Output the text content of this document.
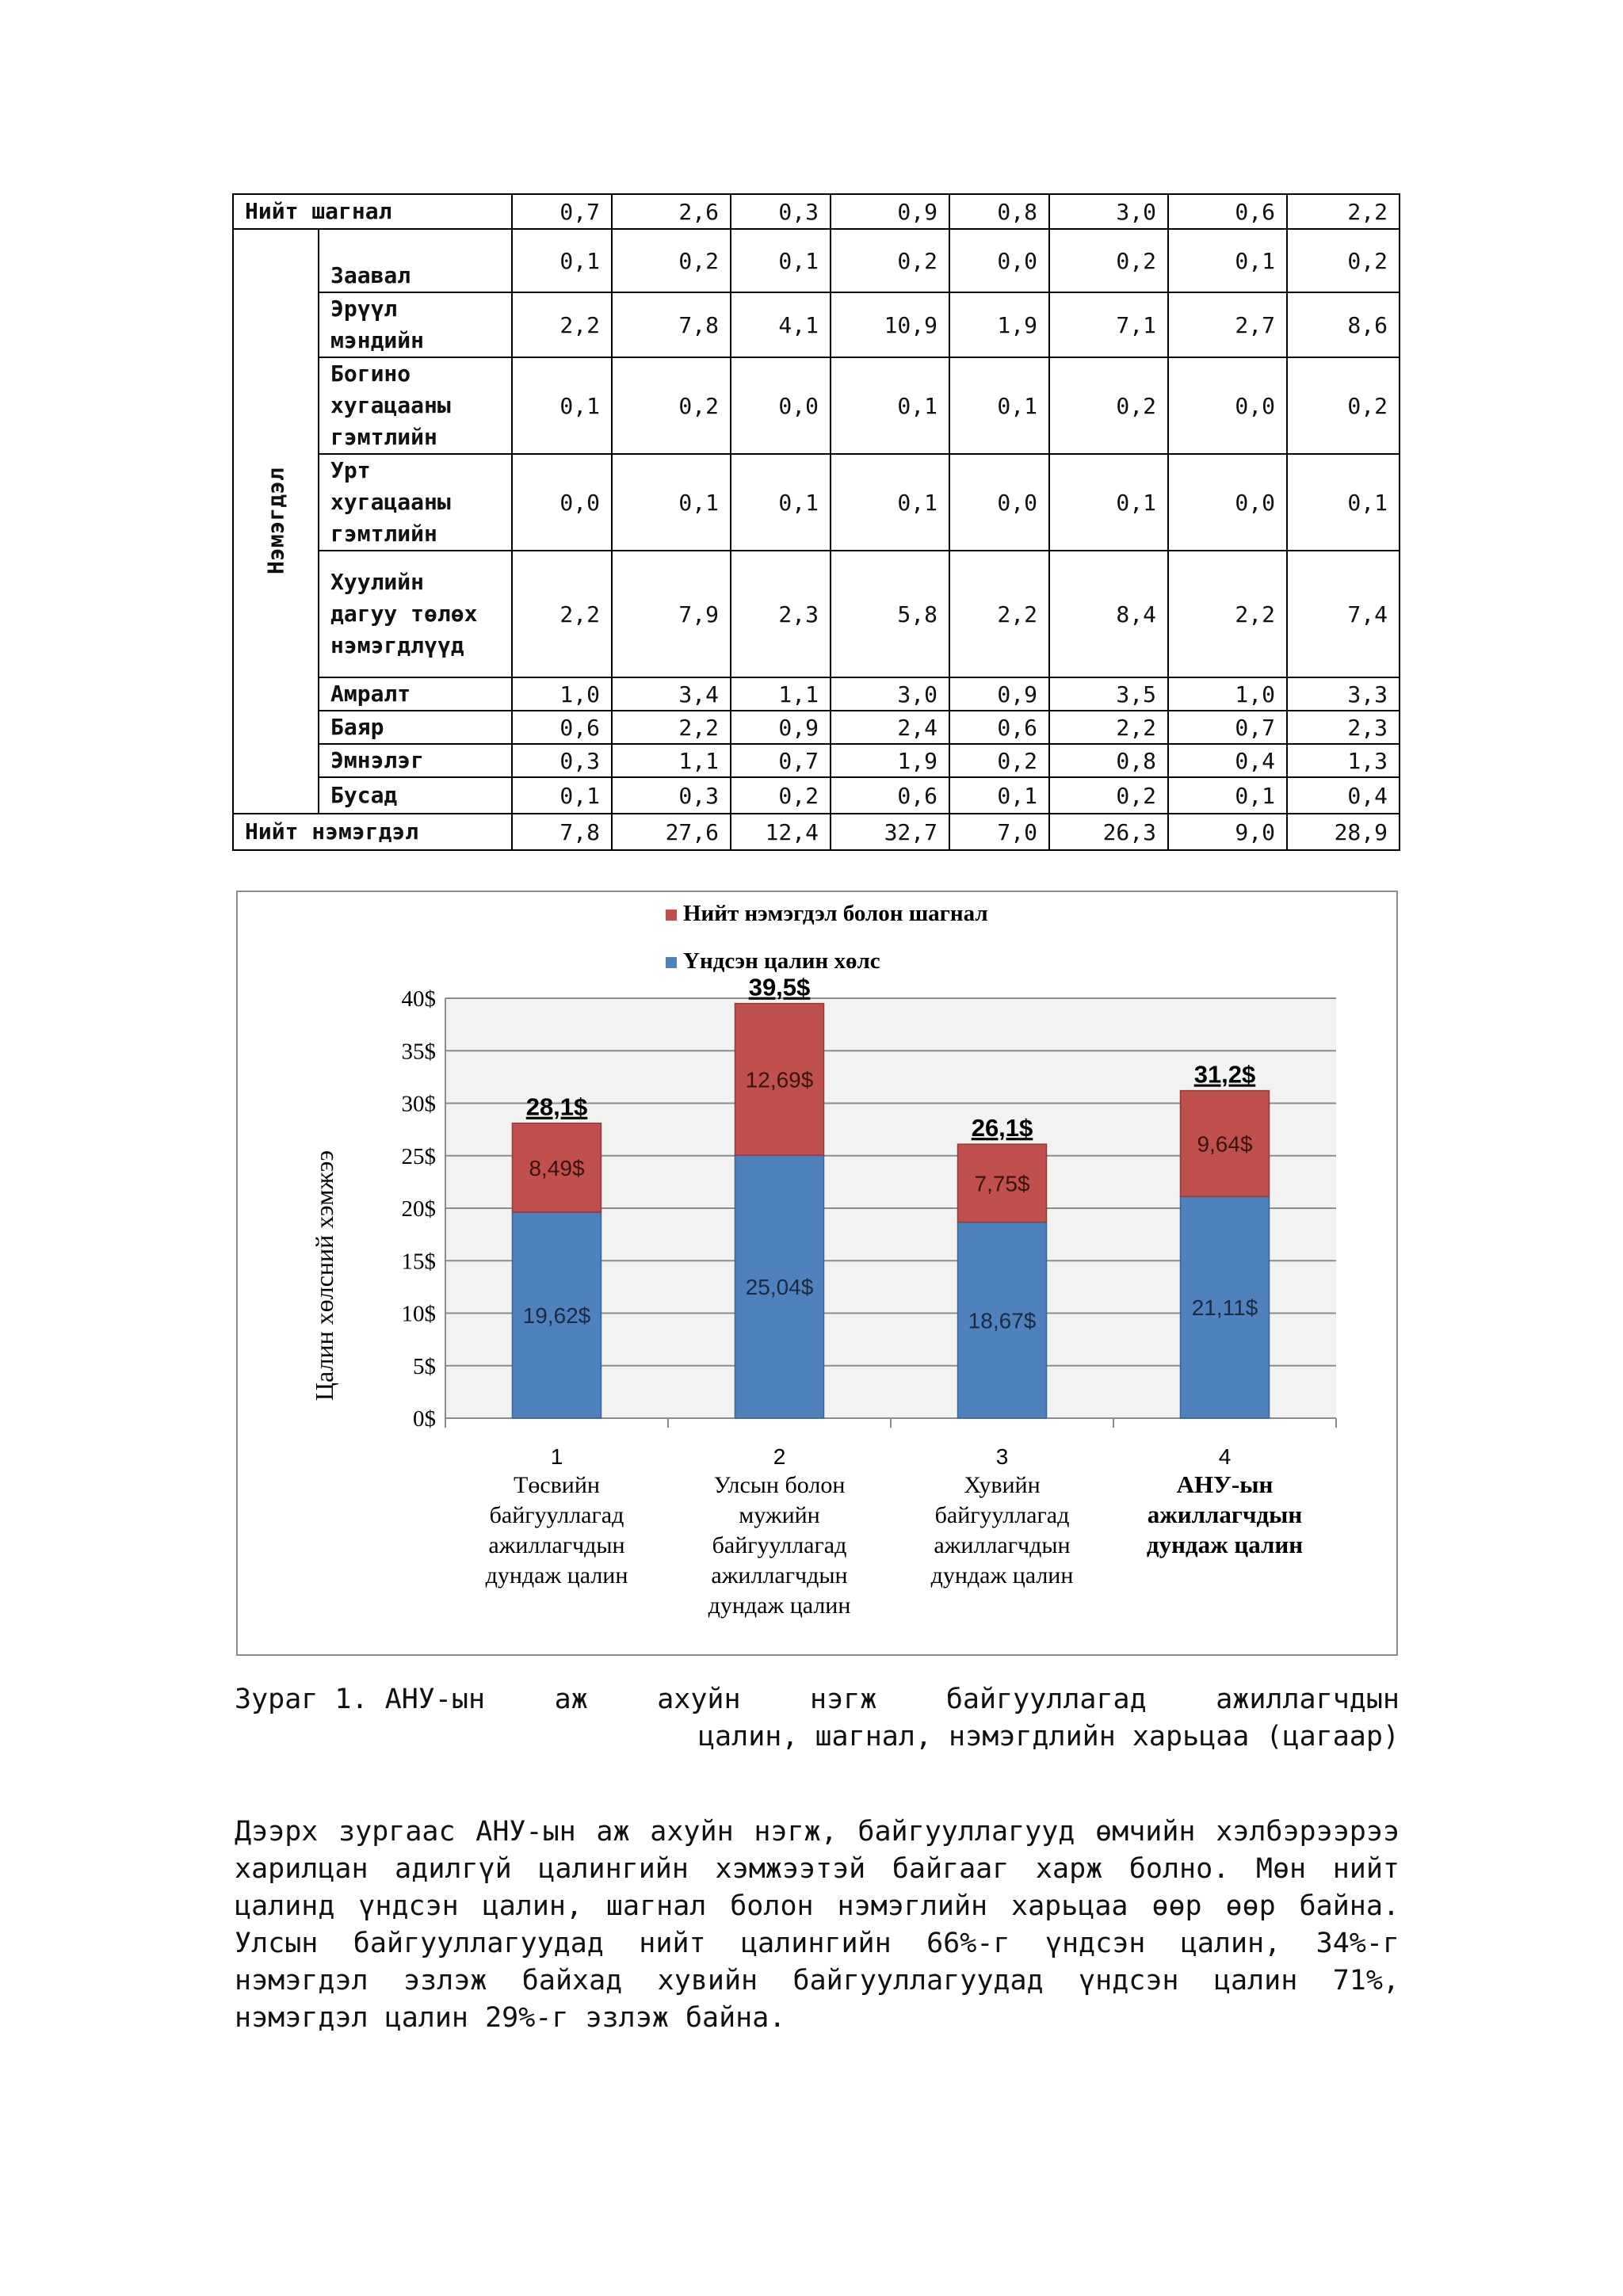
Нийт шагнал		0,7	2,6	0,3	0,9	0,8	3,0	0,6	2,2
Нэмэгдэл	Заавал	0,1	0,2	0,1	0,2	0,0	0,2	0,1	0,2
	Эрүүл мэндийн	2,2	7,8	4,1	10,9	1,9	7,1	2,7	8,6
	Богино хугацааны гэмтлийн	0,1	0,2	0,0	0,1	0,1	0,2	0,0	0,2
	Урт хугацааны гэмтлийн	0,0	0,1	0,1	0,1	0,0	0,1	0,0	0,1
	Хуулийн дагуу төлөх нэмэгдлүүд	2,2	7,9	2,3	5,8	2,2	8,4	2,2	7,4
	Амралт	1,0	3,4	1,1	3,0	0,9	3,5	1,0	3,3
	Баяр	0,6	2,2	0,9	2,4	0,6	2,2	0,7	2,3
	Эмнэлэг	0,3	1,1	0,7	1,9	0,2	0,8	0,4	1,3
	Бусад	0,1	0,3	0,2	0,6	0,1	0,2	0,1	0,4
Нийт нэмэгдэл		7,8	27,6	12,4	32,7	7,0	26,3	9,0	28,9
Нийт нэмэгдэл болон шагнал
Үндсэн цалин хөлс
Цалин хөлсний хэмжээ
0$
5$
10$
15$
20$
25$
30$
35$
40$
19,62$
8,49$
28,1$
1
Төсвийн
байгууллагад
ажиллагчдын
дундаж цалин
25,04$
12,69$
39,5$
2
Улсын болон
мужийн
байгууллагад
ажиллагчдын
дундаж цалин
18,67$
7,75$
26,1$
3
Хувийн
байгууллагад
ажиллагчдын
дундаж цалин
21,11$
9,64$
31,2$
4
АНУ-ын
ажиллагчдын
дундаж цалин
Зураг 1. АНУ-ын аж ахуйн нэгж байгууллагад ажиллагчдын
цалин, шагнал, нэмэгдлийн харьцаа (цагаар)

Дээрх зургаас АНУ-ын аж ахуйн нэгж, байгууллагууд өмчийн хэлбэрээрээ харилцан адилгүй цалингийн хэмжээтэй байгааг харж болно. Мөн нийт цалинд үндсэн цалин, шагнал болон нэмэглийн харьцаа өөр өөр байна. Улсын байгууллагуудад нийт цалингийн 66%-г үндсэн цалин, 34%-г нэмэгдэл эзлэж байхад хувийн байгууллагуудад үндсэн цалин 71%, нэмэгдэл цалин 29%-г эзлэж байна.
